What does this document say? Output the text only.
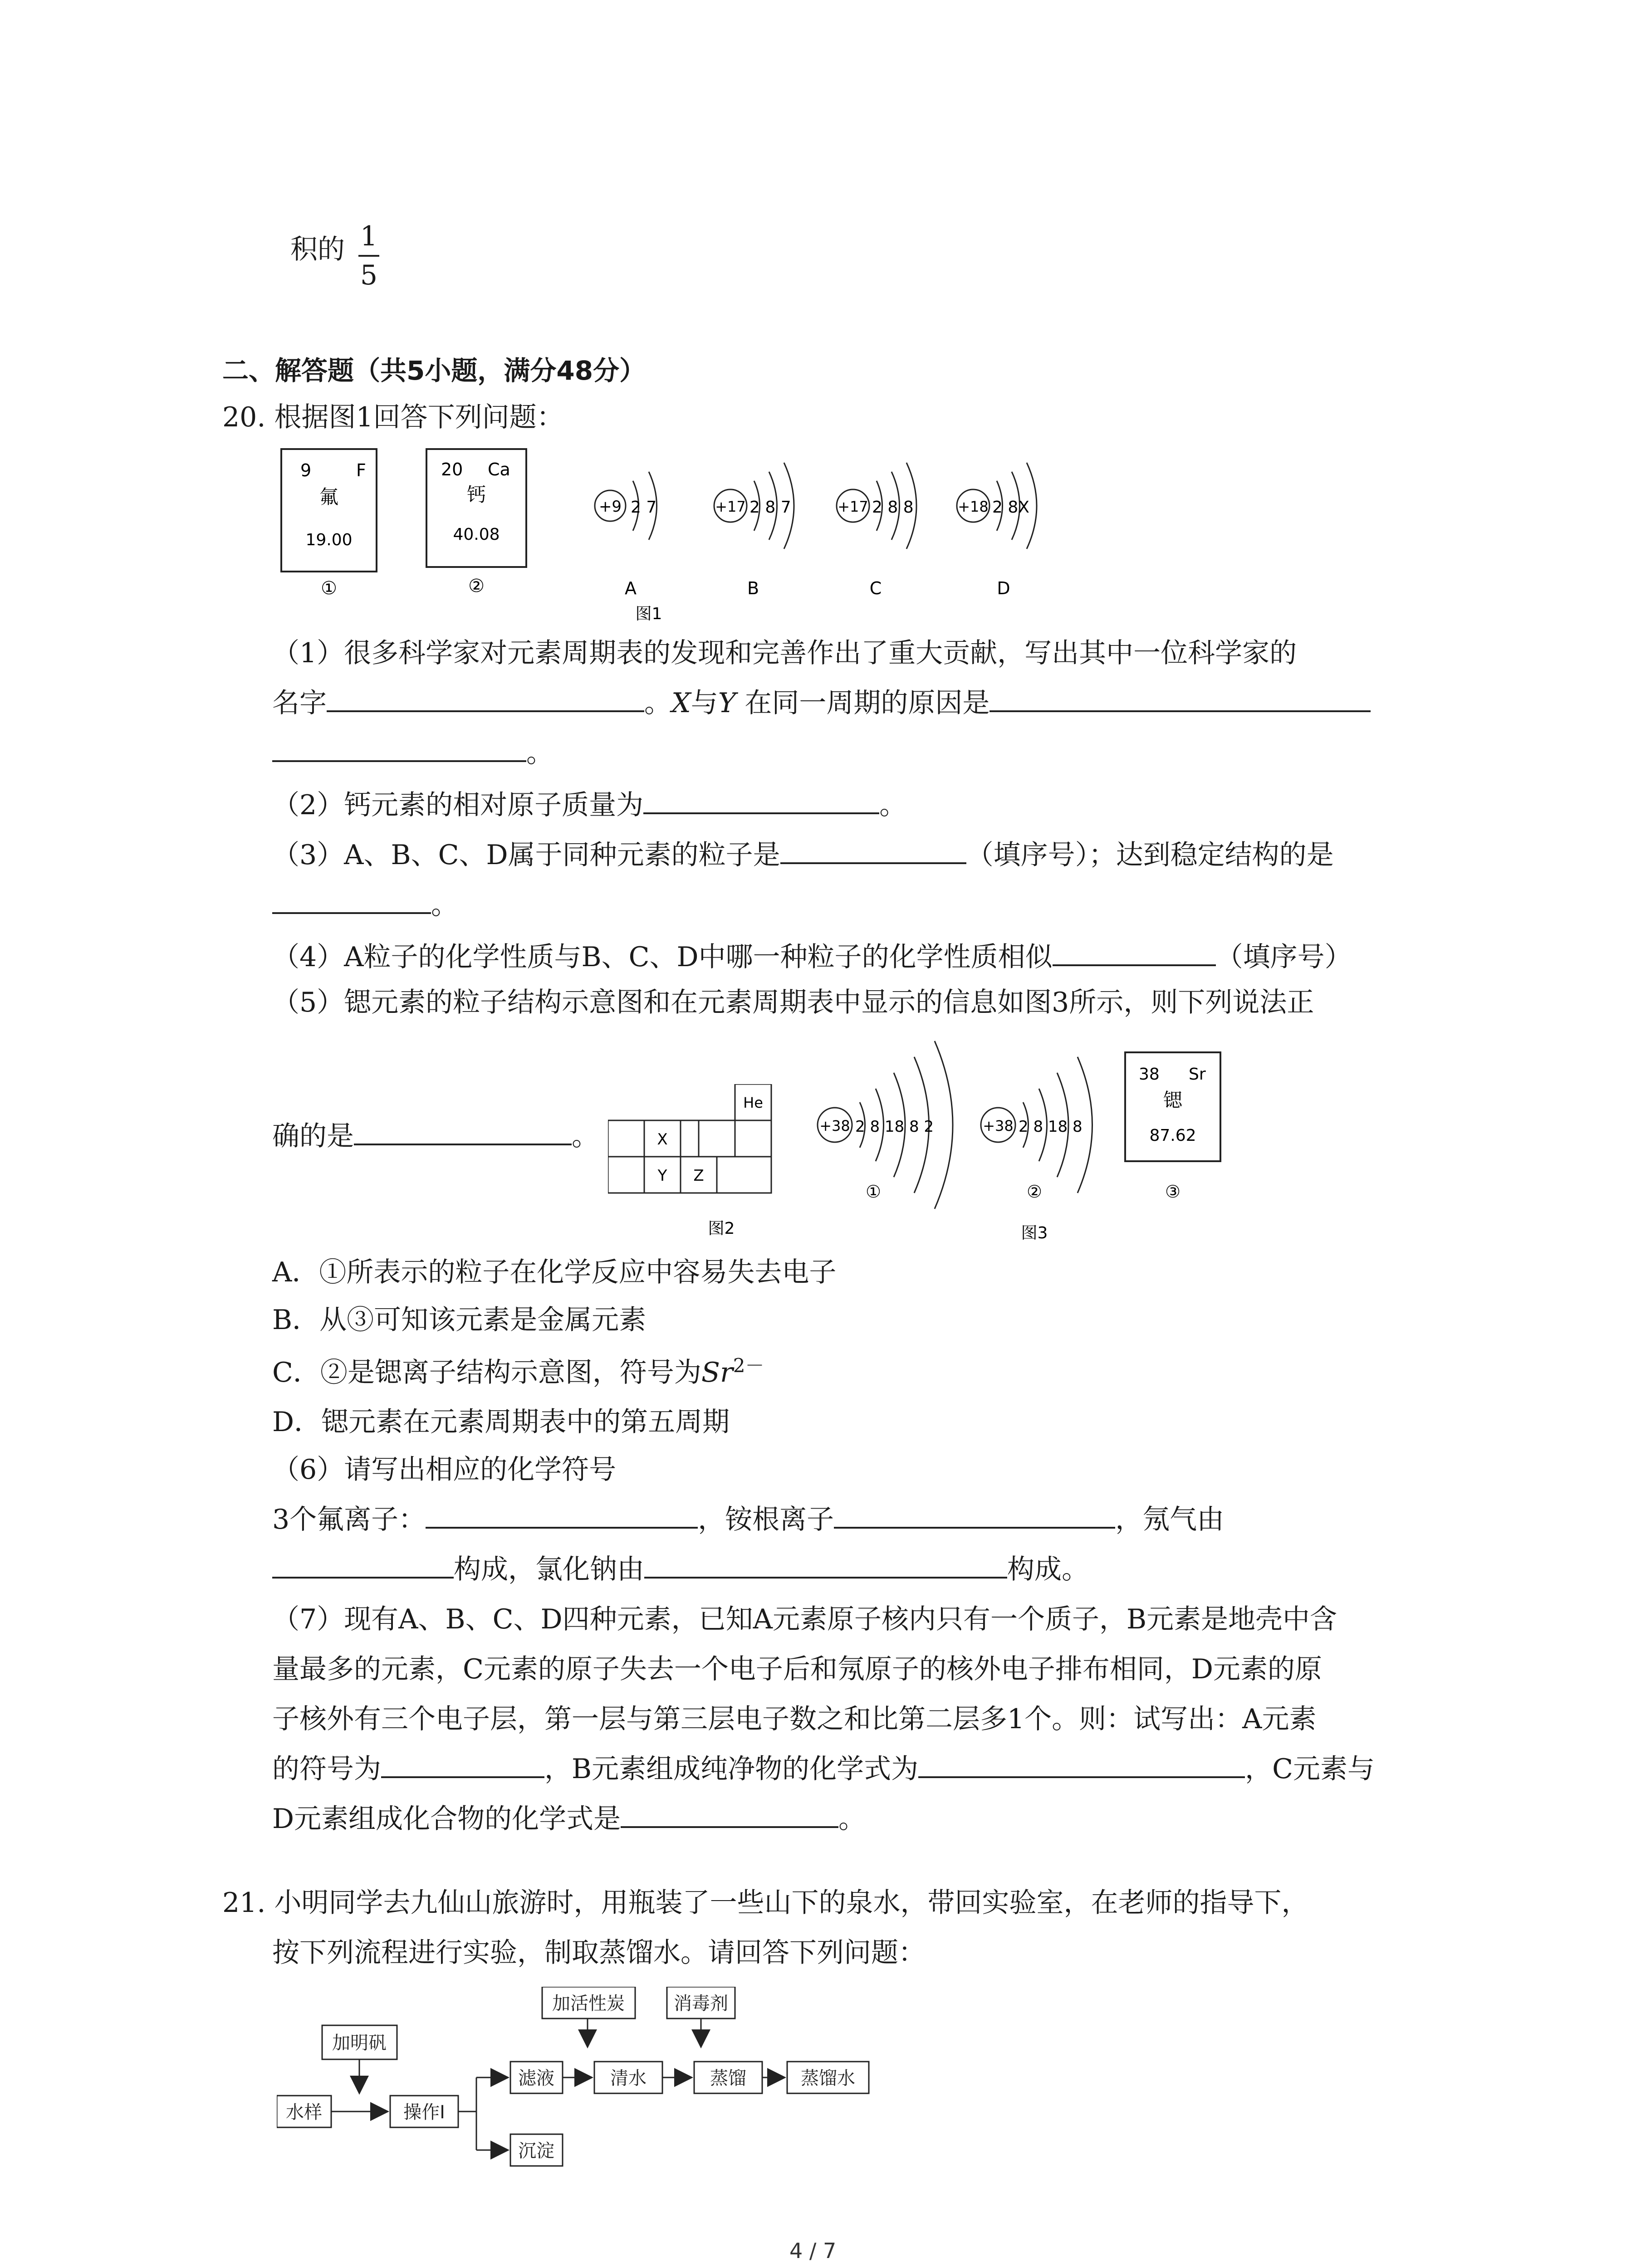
积的 1
5
二、解答题（共5小题，满分48分）
20. 根据图1回答下列问题：
9	F
氟
19.00
①
20 Ca
钙
40.08
②
+9 2 7
A
+17 2 8 7
B
+17 2 8 8
C
+18 2 8X
D
图1
（1）很多科学家对元素周期表的发现和完善作出了重大贡献，写出其中一位科学家的
名字	。X与Y 在同一周期的原因是
。
（2）钙元素的相对原子质量为	。
（3）A、B、C、D属于同种元素的粒子是	（填序号）；达到稳定结构的是
。
（4）A粒子的化学性质与B、C、D中哪一种粒子的化学性质相似	（填序号）
（5）锶元素的粒子结构示意图和在元素周期表中显示的信息如图3所示，则下列说法正
确的是	。
He
X
Y Z
图2
+38 2 8 18 8 2
①
+38 2 8 18 8
②
38 Sr
锶
87.62
③
图3
A．①所表示的粒子在化学反应中容易失去电子
B．从③可知该元素是金属元素
C．②是锶离子结构示意图，符号为$Sr^{2-}$
D．锶元素在元素周期表中的第五周期
（6）请写出相应的化学符号
3个氟离子：	，铵根离子	，氖气由
构成，氯化钠由	构成。
（7）现有A、B、C、D四种元素，已知A元素原子核内只有一个质子，B元素是地壳中含
量最多的元素，C元素的原子失去一个电子后和氖原子的核外电子排布相同，D元素的原
子核外有三个电子层，第一层与第三层电子数之和比第二层多1个。则：试写出：A元素
的符号为	，B元素组成纯净物的化学式为	，C元素与
D元素组成化合物的化学式是	。
21. 小明同学去九仙山旅游时，用瓶装了一些山下的泉水，带回实验室，在老师的指导下，
按下列流程进行实验，制取蒸馏水。请回答下列问题：
加明矾
加活性炭	消毒剂
水样	操作Ⅰ
滤液	清水	蒸馏	蒸馏水
沉淀
4 / 7
